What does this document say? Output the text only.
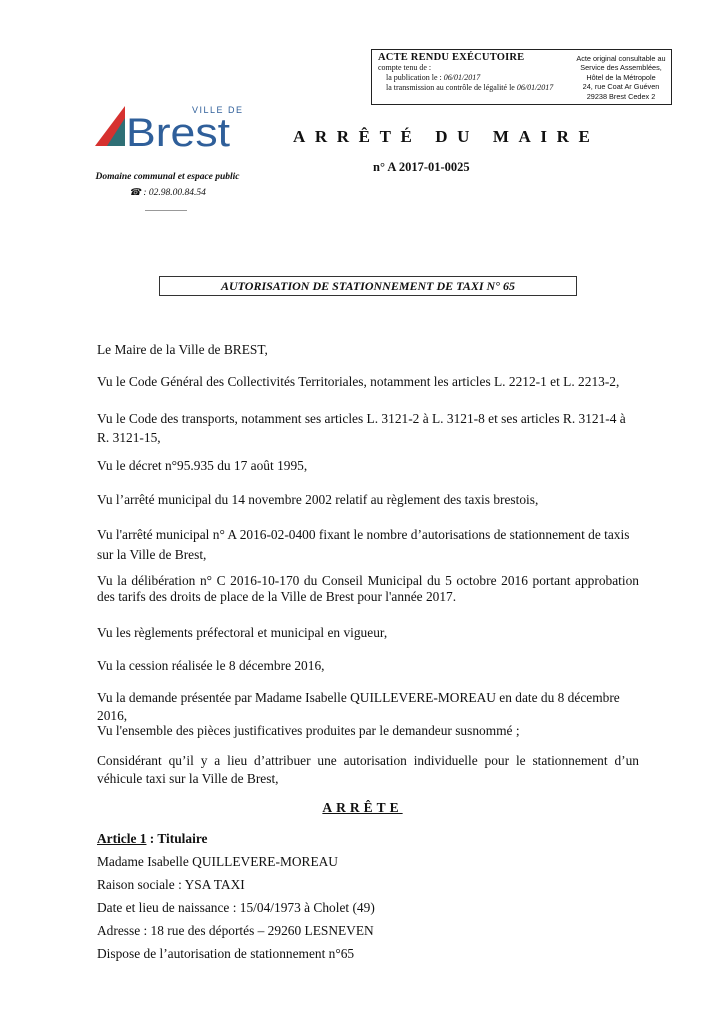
ACTE RENDU EXÉCUTOIRE
compte tenu de :
la publication le : 06/01/2017
la transmission au contrôle de légalité le 06/01/2017
Acte original consultable au
Service des Assemblées,
Hôtel de la Métropole
24, rue Coat Ar Guéven
29238 Brest Cedex 2
VILLE DE
Brest
Domaine communal et espace public
☎ : 02.98.00.84.54
ARRÊTÉ DU MAIRE
n° A 2017-01-0025
AUTORISATION DE STATIONNEMENT DE TAXI N° 65
Le Maire de la Ville de BREST,
Vu le Code Général des Collectivités Territoriales, notamment les articles L. 2212-1 et L. 2213-2,
Vu le Code des transports, notamment ses articles L. 3121-2 à L. 3121-8 et ses articles R. 3121-4 à R. 3121-15,
Vu le décret n°95.935 du 17 août 1995,
Vu l’arrêté municipal du 14 novembre 2002 relatif au règlement des taxis brestois,
Vu l'arrêté municipal n° A 2016-02-0400 fixant le nombre d’autorisations de stationnement de taxis sur la Ville de Brest,
Vu la délibération n° C 2016-10-170 du Conseil Municipal du 5 octobre 2016 portant approbation des tarifs des droits de place de la Ville de Brest pour l'année 2017.
Vu les règlements préfectoral et municipal en vigueur,
Vu la cession réalisée le 8 décembre 2016,
Vu la demande présentée par Madame Isabelle QUILLEVERE-MOREAU en date du 8 décembre 2016,
Vu l'ensemble des pièces justificatives produites par le demandeur susnommé ;
Considérant qu’il y a lieu d’attribuer une autorisation individuelle pour le stationnement d’un véhicule taxi sur la Ville de Brest,
ARRÊTE
Article 1 : Titulaire
Madame Isabelle QUILLEVERE-MOREAU
Raison sociale : YSA TAXI
Date et lieu de naissance : 15/04/1973 à Cholet (49)
Adresse : 18 rue des déportés – 29260 LESNEVEN
Dispose de l’autorisation de stationnement n°65
